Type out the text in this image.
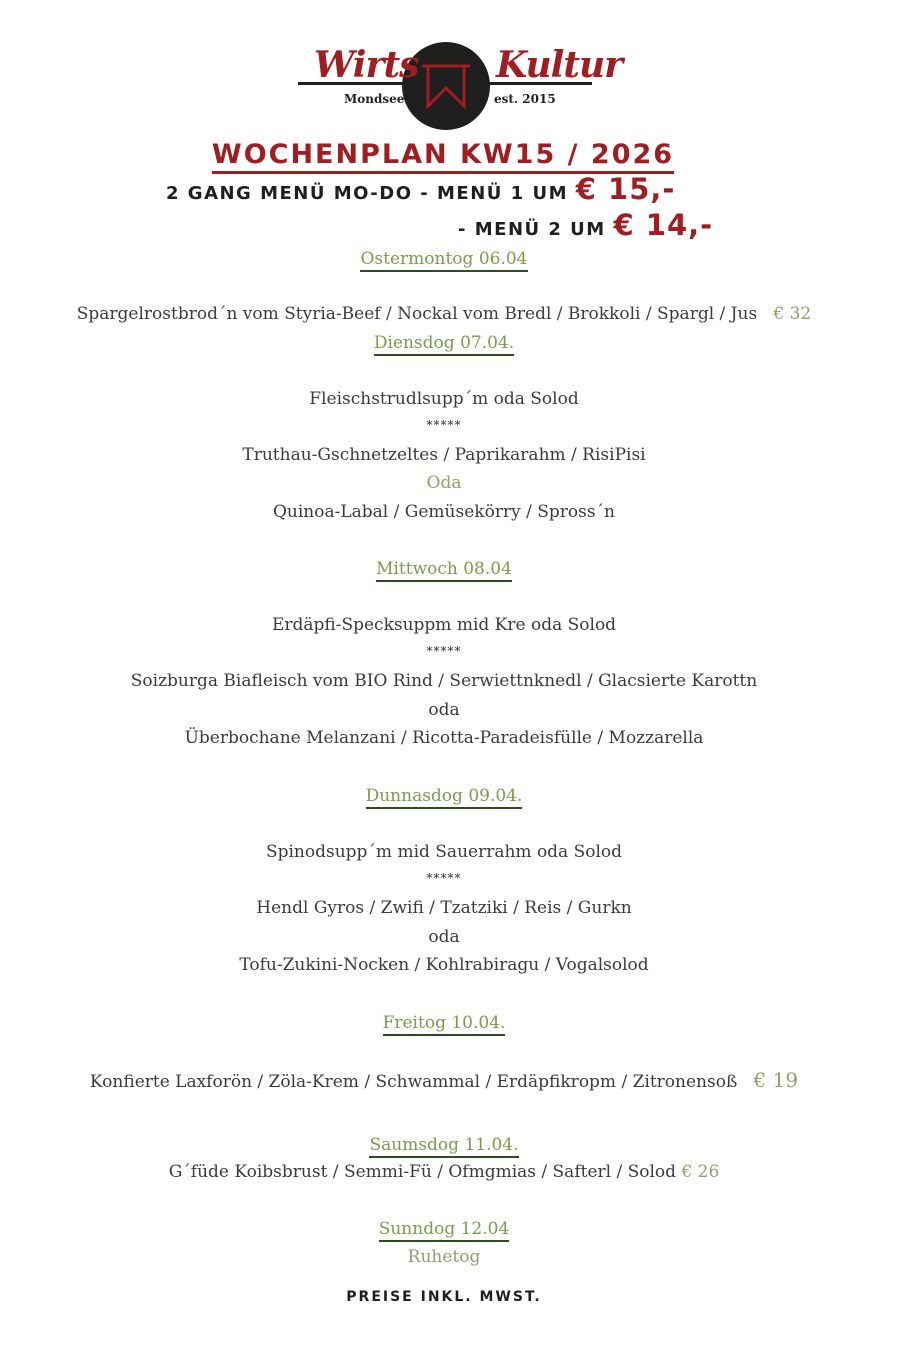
Wirts Kultur
Mondsee	est. 2015
WOCHENPLAN KW15 / 2026
2 GANG MENÜ MO-DO - MENÜ 1 UM € 15,-
- MENÜ 2 UM € 14,-
Ostermontog 06.04
Spargelrostbrod´n vom Styria-Beef / Nockal vom Bredl / Brokkoli / Spargl / Jus € 32
Diensdog 07.04.
Fleischstrudlsupp´m oda Solod
*****
Truthau-Gschnetzeltes / Paprikarahm / RisiPisi
Oda
Quinoa-Labal / Gemüsekörry / Spross´n
Mittwoch 08.04
Erdäpfi-Specksuppm mid Kre oda Solod
*****
Soizburga Biafleisch vom BIO Rind / Serwiettnknedl / Glacsierte Karottn
oda
Überbochane Melanzani / Ricotta-Paradeisfülle / Mozzarella
Dunnasdog 09.04.
Spinodsupp´m mid Sauerrahm oda Solod
*****
Hendl Gyros / Zwifi / Tzatziki / Reis / Gurkn
oda
Tofu-Zukini-Nocken / Kohlrabiragu / Vogalsolod
Freitog 10.04.
Konfierte Laxforön / Zöla-Krem / Schwammal / Erdäpfikropm / Zitronensoß € 19
Saumsdog 11.04.
G´füde Koibsbrust / Semmi-Fü / Ofmgmias / Safterl / Solod € 26
Sunndog 12.04
Ruhetog
PREISE INKL. MWST.
